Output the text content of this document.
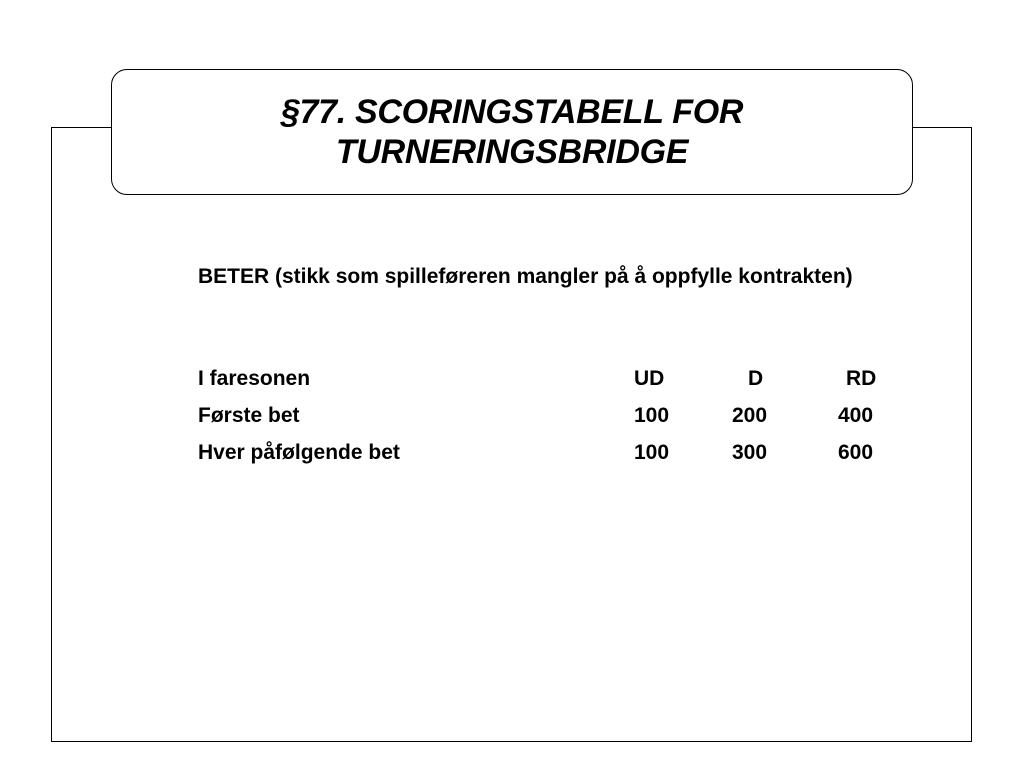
§77. SCORINGSTABELL FOR
TURNERINGSBRIDGE
BETER (stikk som spilleføreren mangler på å oppfylle kontrakten)
I faresonen	UD	D	RD
Første bet	100	200	400
Hver påfølgende bet	100	300	600
